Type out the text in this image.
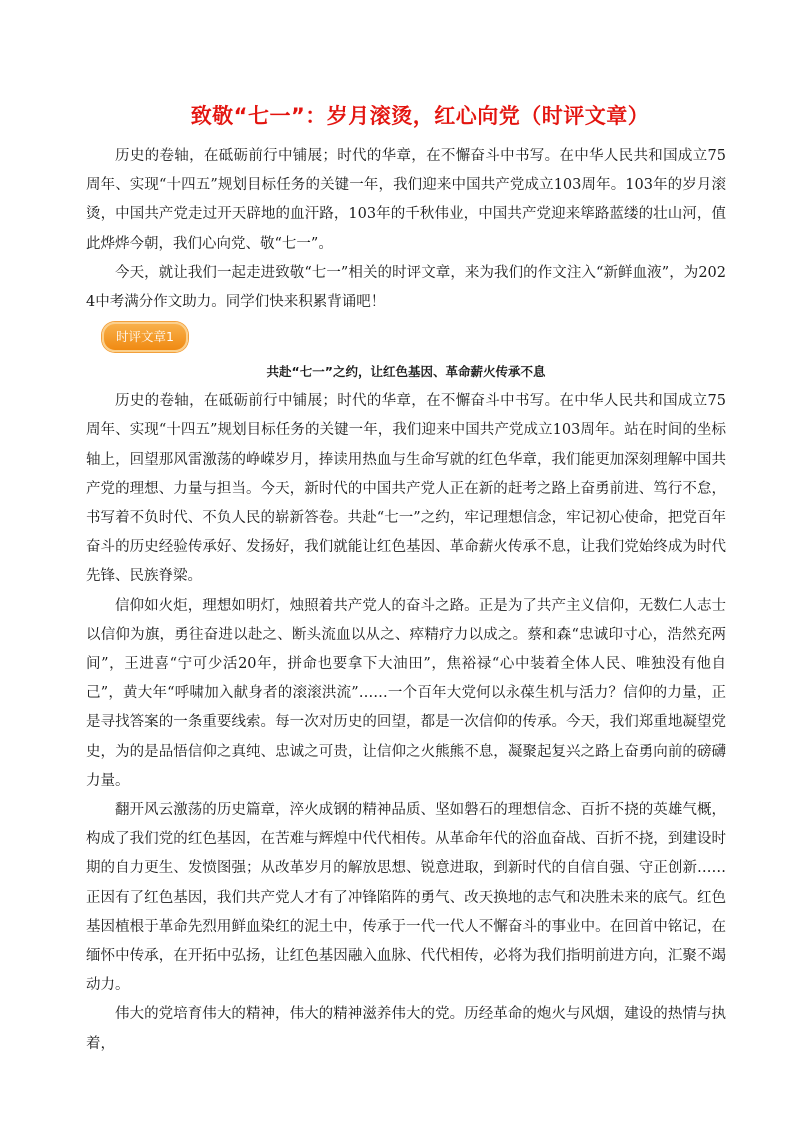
致敬“七一”：岁月滚烫，红心向党（时评文章）

历史的卷轴，在砥砺前行中铺展；时代的华章，在不懈奋斗中书写。在中华人民共和国成立75周年、实现“十四五”规划目标任务的关键一年，我们迎来中国共产党成立103周年。103年的岁月滚烫，中国共产党走过开天辟地的血汗路，103年的千秋伟业，中国共产党迎来筚路蓝缕的壮山河，值此烨烨今朝，我们心向党、敬“七一”。

今天，就让我们一起走进致敬“七一”相关的时评文章，来为我们的作文注入“新鲜血液”，为2024中考满分作文助力。同学们快来积累背诵吧！

时评文章1
共赴“七一”之约，让红色基因、革命薪火传承不息

历史的卷轴，在砥砺前行中铺展；时代的华章，在不懈奋斗中书写。在中华人民共和国成立75周年、实现“十四五”规划目标任务的关键一年，我们迎来中国共产党成立103周年。站在时间的坐标轴上，回望那风雷激荡的峥嵘岁月，捧读用热血与生命写就的红色华章，我们能更加深刻理解中国共产党的理想、力量与担当。今天，新时代的中国共产党人正在新的赶考之路上奋勇前进、笃行不怠，书写着不负时代、不负人民的崭新答卷。共赴“七一”之约，牢记理想信念，牢记初心使命，把党百年奋斗的历史经验传承好、发扬好，我们就能让红色基因、革命薪火传承不息，让我们党始终成为时代先锋、民族脊梁。

信仰如火炬，理想如明灯，烛照着共产党人的奋斗之路。正是为了共产主义信仰，无数仁人志士以信仰为旗，勇往奋进以赴之、断头流血以从之、瘁精疗力以成之。蔡和森“忠诚印寸心，浩然充两间”，王进喜“宁可少活20年，拼命也要拿下大油田”，焦裕禄“心中装着全体人民、唯独没有他自己”，黄大年“呼啸加入献身者的滚滚洪流”……一个百年大党何以永葆生机与活力？信仰的力量，正是寻找答案的一条重要线索。每一次对历史的回望，都是一次信仰的传承。今天，我们郑重地凝望党史，为的是品悟信仰之真纯、忠诚之可贵，让信仰之火熊熊不息，凝聚起复兴之路上奋勇向前的磅礴力量。

翻开风云激荡的历史篇章，淬火成钢的精神品质、坚如磐石的理想信念、百折不挠的英雄气概，构成了我们党的红色基因，在苦难与辉煌中代代相传。从革命年代的浴血奋战、百折不挠，到建设时期的自力更生、发愤图强；从改革岁月的解放思想、锐意进取，到新时代的自信自强、守正创新……正因有了红色基因，我们共产党人才有了冲锋陷阵的勇气、改天换地的志气和决胜未来的底气。红色基因植根于革命先烈用鲜血染红的泥土中，传承于一代一代人不懈奋斗的事业中。在回首中铭记，在缅怀中传承，在开拓中弘扬，让红色基因融入血脉、代代相传，必将为我们指明前进方向，汇聚不竭动力。

伟大的党培育伟大的精神，伟大的精神滋养伟大的党。历经革命的炮火与风烟，建设的热情与执着，
